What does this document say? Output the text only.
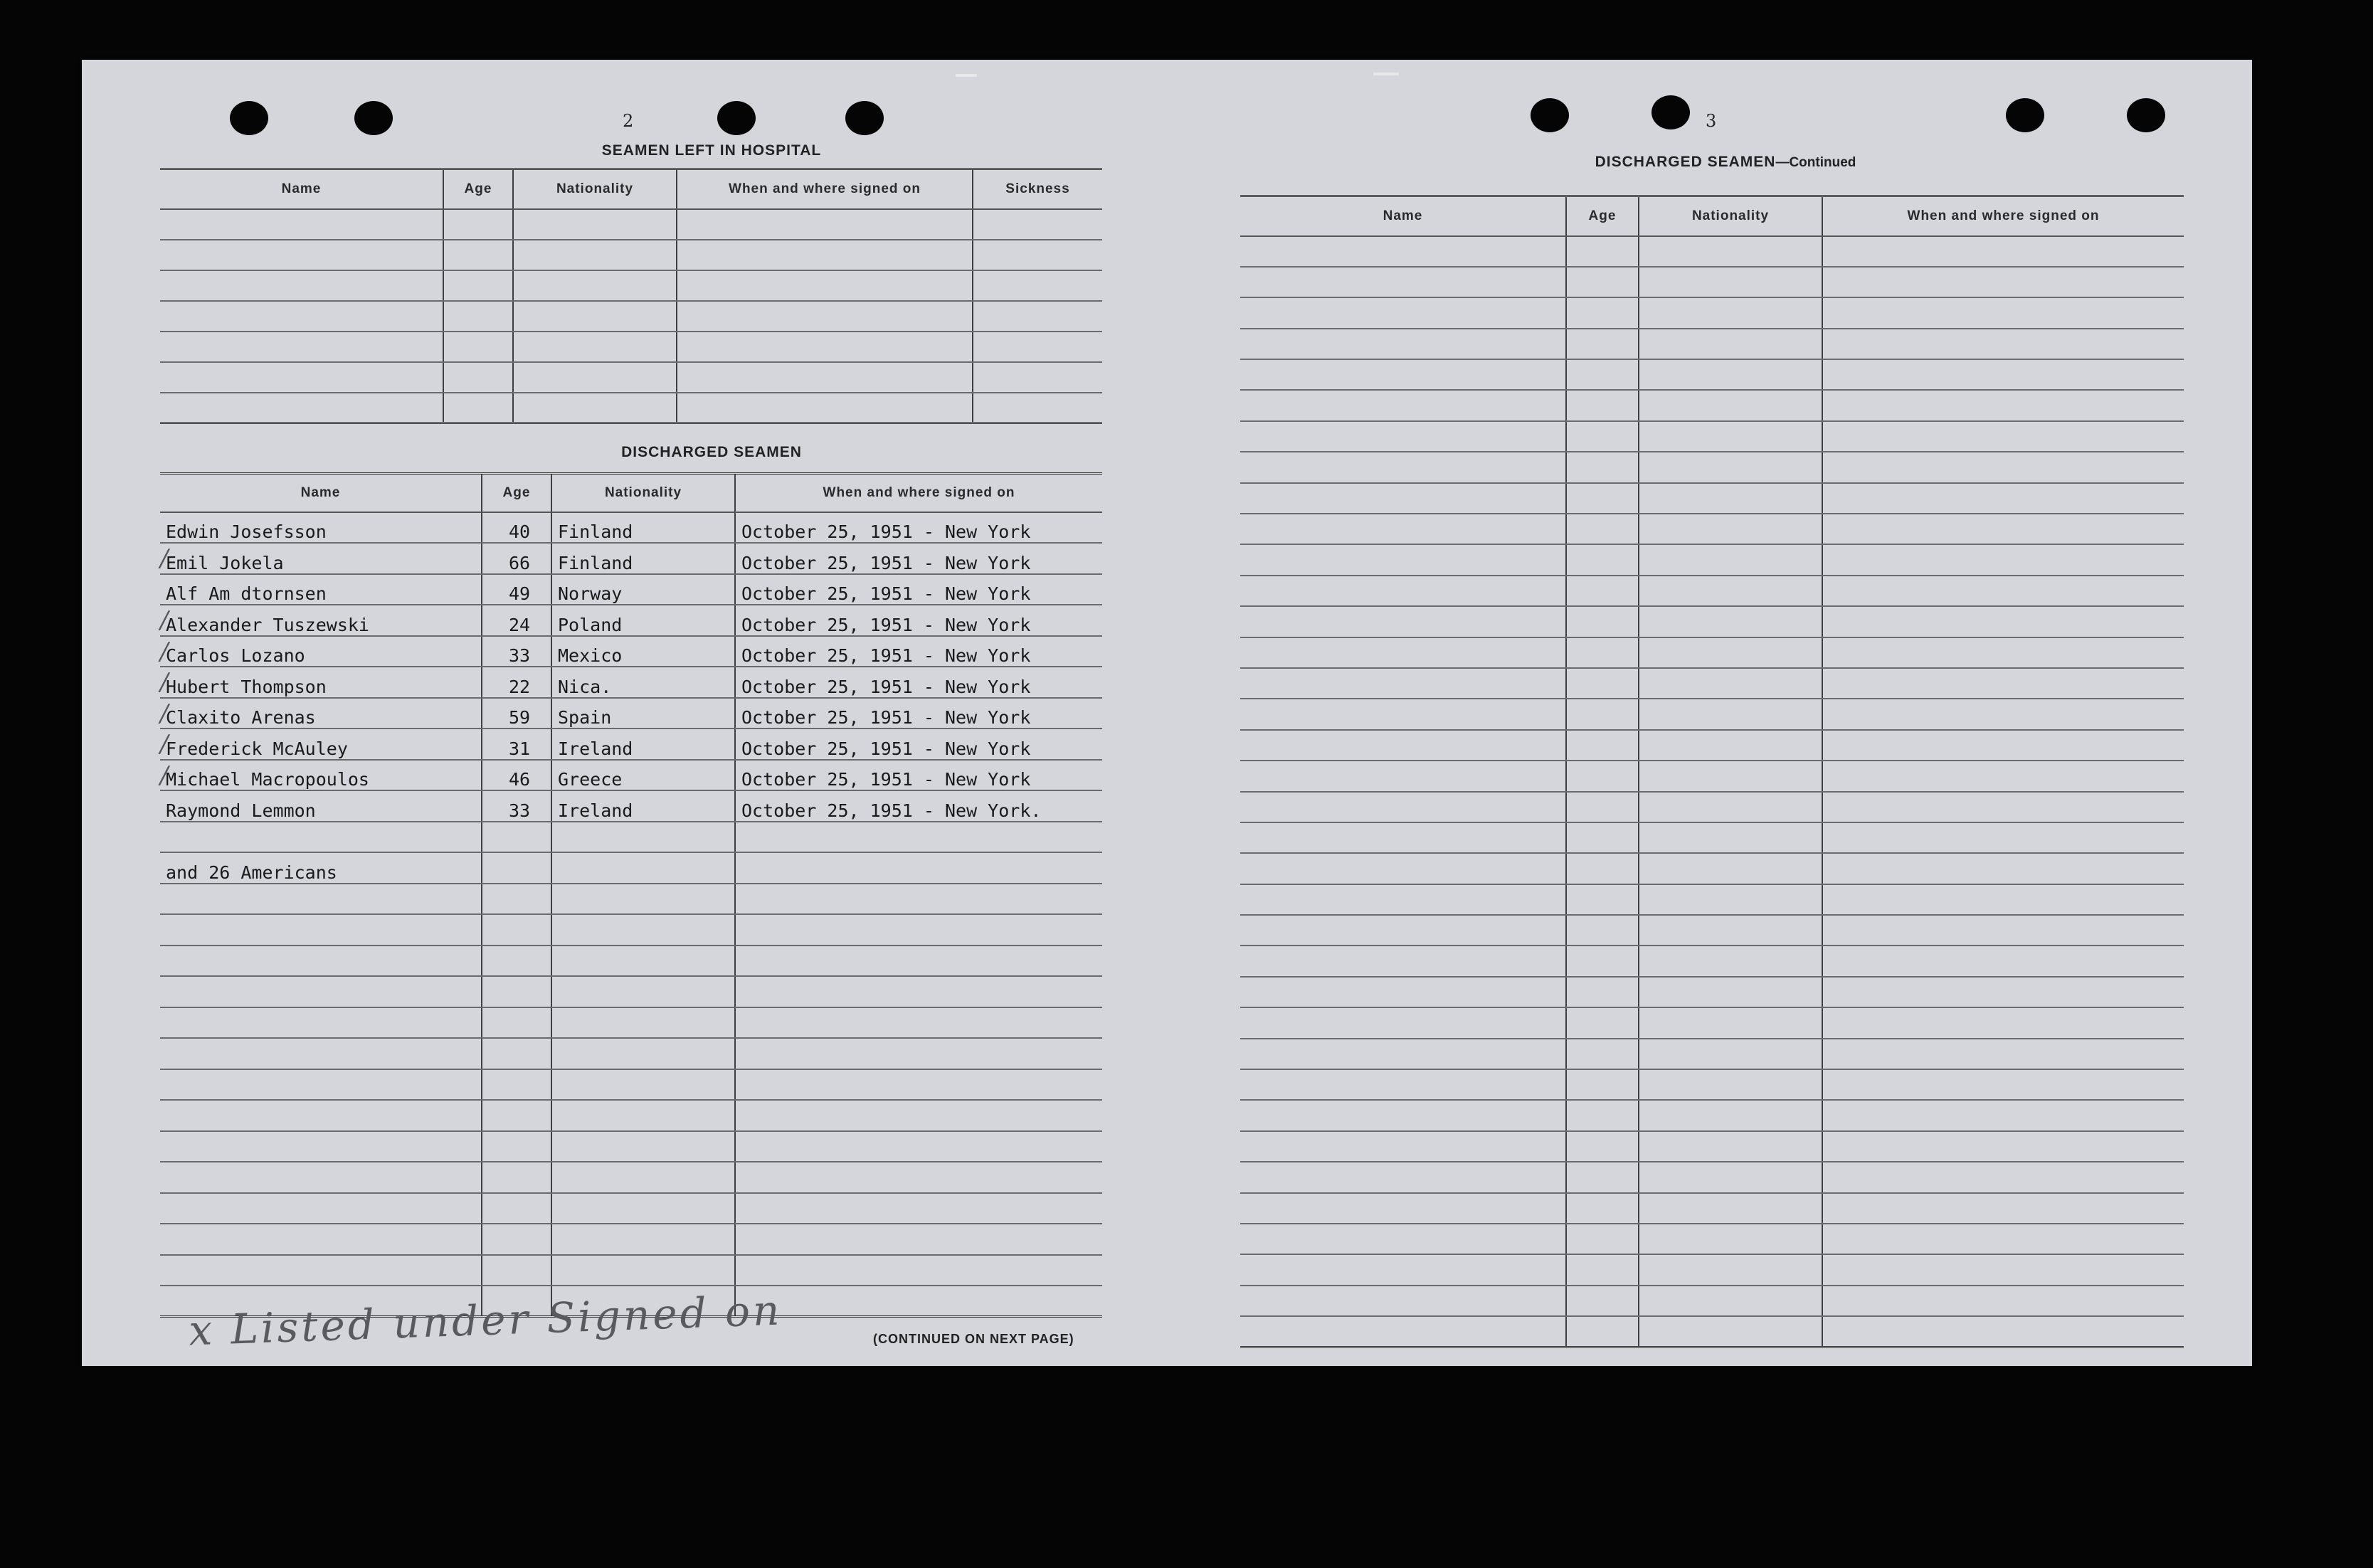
2
SEAMEN LEFT IN HOSPITAL
Name	Age	Nationality	When and where signed on	Sickness

DISCHARGED SEAMEN
Name	Age	Nationality	When and where signed on
Edwin Josefsson	40	Finland	October 25, 1951 - New York
Emil Jokela	66	Finland	October 25, 1951 - New York
Alf Am dtornsen	49	Norway	October 25, 1951 - New York
Alexander Tuszewski	24	Poland	October 25, 1951 - New York
Carlos Lozano	33	Mexico	October 25, 1951 - New York
Hubert Thompson	22	Nica.	October 25, 1951 - New York
Claxito Arenas	59	Spain	October 25, 1951 - New York
Frederick McAuley	31	Ireland	October 25, 1951 - New York
Michael Macropoulos	46	Greece	October 25, 1951 - New York
Raymond Lemmon	33	Ireland	October 25, 1951 - New York.

and 26 Americans			

x Listed under Signed on	(CONTINUED ON NEXT PAGE)
3
DISCHARGED SEAMEN—Continued
Name	Age	Nationality	When and where signed on

/
/
/
/
/
/
/
